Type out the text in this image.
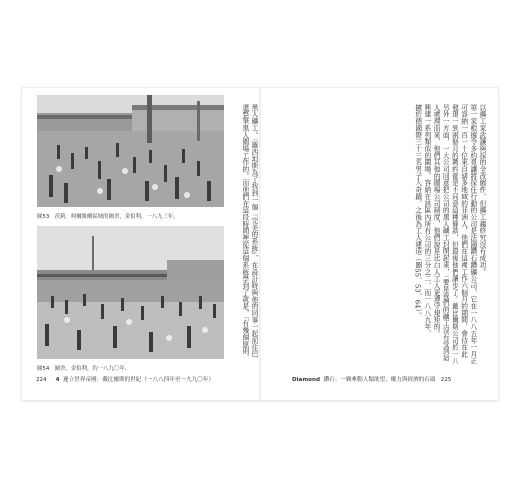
圖53　茨莉．柯爾維爾區域的圖舍，金伯利，一八九三年。
圖54　圖舍，金伯利，約一八九〇年。
黑人礦工。「羅西坦斯為了找到一個『完美的系統』，在設計時與他的同事一起前往巴
還整筆黑人圍場工作的。而他們在這段時間裡從這個系統學到了就是，「有幾個原則，	以擴工家武讓與採的全改僱件，但擴工趨終究沒有成功。
第一家根據令多約覓讓將採任行動的公司是法國鑽石鑽礦公司，它在一八八五年一月正
可容納一百一十位來自諸多地域的非洲人，他們在這裡工作六個月的期間，會待在此
發現一到兩個月的聘約都是不同意這種條款，但最後他們讓步了。戴比爾斯公司於一八
另外一方面，一大公司同意把公司的黑人礦工封閉起來，「要是我們的礦工沒有受到這
人處理而來，他們其他的圍場公司制度，他們說是比白人工人更遵守規矩的。
興建一系列類似的圍場，容納在該區內所有公司的三分之二，而一八八九年，
擴於德國際三十三名男子入奇蹟，之後為工人建造（圖55、53、64）。
224 4 遲立世界帝國：戴比爾斯的世紀（一八八四年至一九九〇年）	Diamond 鑽石：一顆牽動人類欲望、權力與經濟的石頭 225
